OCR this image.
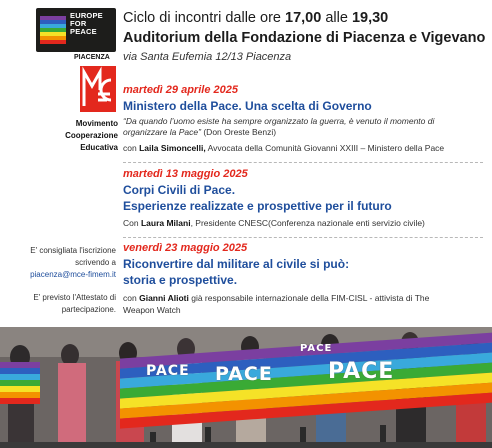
EUROPE FOR PEACE
PIACENZA
Movimento
Cooperazione
Educativa
Ciclo di incontri dalle ore 17,00 alle 19,30
Auditorium della Fondazione di Piacenza e Vigevano
via Santa Eufemia 12/13 Piacenza
martedì 29 aprile 2025
Ministero della Pace. Una scelta di Governo
“Da quando l’uomo esiste ha sempre organizzato la guerra, è venuto il momento di
organizzare la Pace” (Don Oreste Benzi)
con Laila Simoncelli, Avvocata della Comunità Giovanni XXIII – Ministero della Pace
martedì 13 maggio 2025
Corpi Civili di Pace.
Esperienze realizzate e prospettive per il futuro
Con Laura Milani, Presidente CNESC(Conferenza nazionale enti servizio civile)
venerdì 23 maggio 2025
Riconvertire dal militare al civile si può:
storia e prospettive.
con Gianni Alioti già responsabile internazionale della FIM-CISL - attivista di The
Weapon Watch
E' consigliata l'iscrizione
scrivendo a
piacenza@mce-fimem.it
E' previsto l'Attestato di
partecipazione.
PACE PACE	PACE
PACE
